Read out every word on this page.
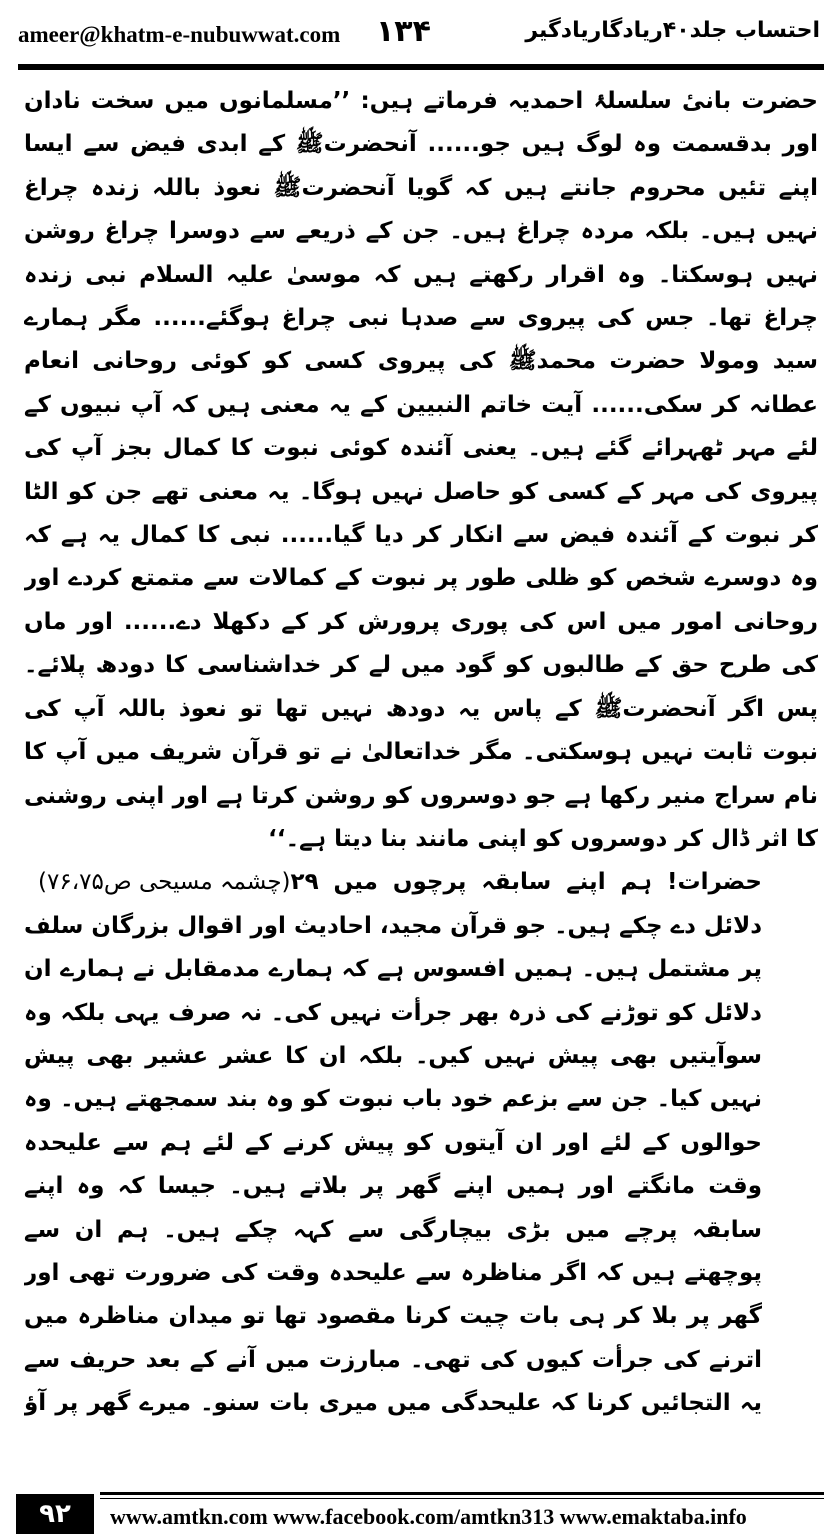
ameer@khatm-e-nubuwwat.com ۱۳۴	احتساب جلد۴۰ریادگاریادگیر

حضرت بانیٔ سلسلۂ احمدیہ فرماتے ہیں: ’’مسلمانوں میں سخت نادان اور بدقسمت وہ لوگ ہیں جو...... آنحضرتﷺ کے ابدی فیض سے ایسا اپنے تئیں محروم جانتے ہیں کہ گویا آنحضرتﷺ نعوذ باللہ زندہ چراغ نہیں ہیں۔ بلکہ مردہ چراغ ہیں۔ جن کے ذریعے سے دوسرا چراغ روشن نہیں ہوسکتا۔ وہ اقرار رکھتے ہیں کہ موسیٰ علیہ السلام نبی زندہ چراغ تھا۔ جس کی پیروی سے صدہا نبی چراغ ہوگئے...... مگر ہمارے سید ومولا حضرت محمدﷺ کی پیروی کسی کو کوئی روحانی انعام عطانہ کر سکی...... آیت خاتم النبیین کے یہ معنی ہیں کہ آپ نبیوں کے لئے مہر ٹھہرائے گئے ہیں۔ یعنی آئندہ کوئی نبوت کا کمال بجز آپ کی پیروی کی مہر کے کسی کو حاصل نہیں ہوگا۔ یہ معنی تھے جن کو الٹا کر نبوت کے آئندہ فیض سے انکار کر دیا گیا...... نبی کا کمال یہ ہے کہ وہ دوسرے شخص کو ظلی طور پر نبوت کے کمالات سے متمتع کردے اور روحانی امور میں اس کی پوری پرورش کر کے دکھلا دے...... اور ماں کی طرح حق کے طالبوں کو گود میں لے کر خداشناسی کا دودھ پلائے۔ پس اگر آنحضرتﷺ کے پاس یہ دودھ نہیں تھا تو نعوذ باللہ آپ کی نبوت ثابت نہیں ہوسکتی۔ مگر خداتعالیٰ نے تو قرآن شریف میں آپ کا نام سراج منیر رکھا ہے جو دوسروں کو روشن کرتا ہے اور اپنی روشنی کا اثر ڈال کر دوسروں کو اپنی مانند بنا دیتا ہے۔‘‘
(چشمہ مسیحی ص۷۶،۷۵)	حضرات! ہم اپنے سابقہ پرچوں میں ۲۹ دلائل دے چکے ہیں۔ جو قرآن مجید، احادیث اور اقوال بزرگان سلف پر مشتمل ہیں۔ ہمیں افسوس ہے کہ ہمارے مدمقابل نے ہمارے ان دلائل کو توڑنے کی ذرہ بھر جرأت نہیں کی۔ نہ صرف یہی بلکہ وہ سوآیتیں بھی پیش نہیں کیں۔ بلکہ ان کا عشر عشیر بھی پیش نہیں کیا۔ جن سے بزعم خود باب نبوت کو وہ بند سمجھتے ہیں۔ وہ حوالوں کے لئے اور ان آیتوں کو پیش کرنے کے لئے ہم سے علیحدہ وقت مانگتے اور ہمیں اپنے گھر پر بلاتے ہیں۔ جیسا کہ وہ اپنے سابقہ پرچے میں بڑی بیچارگی سے کہہ چکے ہیں۔ ہم ان سے پوچھتے ہیں کہ اگر مناظرہ سے علیحدہ وقت کی ضرورت تھی اور گھر پر بلا کر ہی بات چیت کرنا مقصود تھا تو میدان مناظرہ میں اترنے کی جرأت کیوں کی تھی۔ مبارزت میں آنے کے بعد حریف سے یہ التجائیں کرنا کہ علیحدگی میں میری بات سنو۔ میرے گھر پر آؤ

۹۲	www.amtkn.com www.facebook.com/amtkn313 www.emaktaba.info
